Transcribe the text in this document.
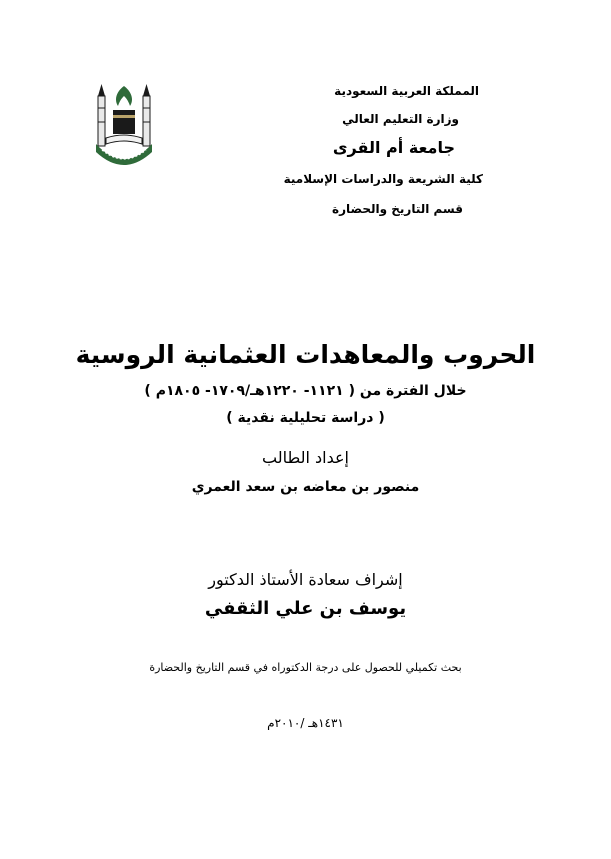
المملكة العربية السعودية
وزارة التعليم العالي
جامعة أم القرى
كلية الشريعة والدراسات الإسلامية
قسم التاريخ والحضارة
الحروب والمعاهدات العثمانية الروسية
خلال الفترة من ( ١١٢١- ١٢٢٠هـ/١٧٠٩- ١٨٠٥م )
( دراسة تحليلية نقدية )
إعداد الطالب
منصور بن معاضه بن سعد العمري
إشراف سعادة الأستاذ الدكتور
يوسف بن علي الثقفي
بحث تكميلي للحصول على درجة الدكتوراه في قسم التاريخ والحضارة
١٤٣١هـ /٢٠١٠م
